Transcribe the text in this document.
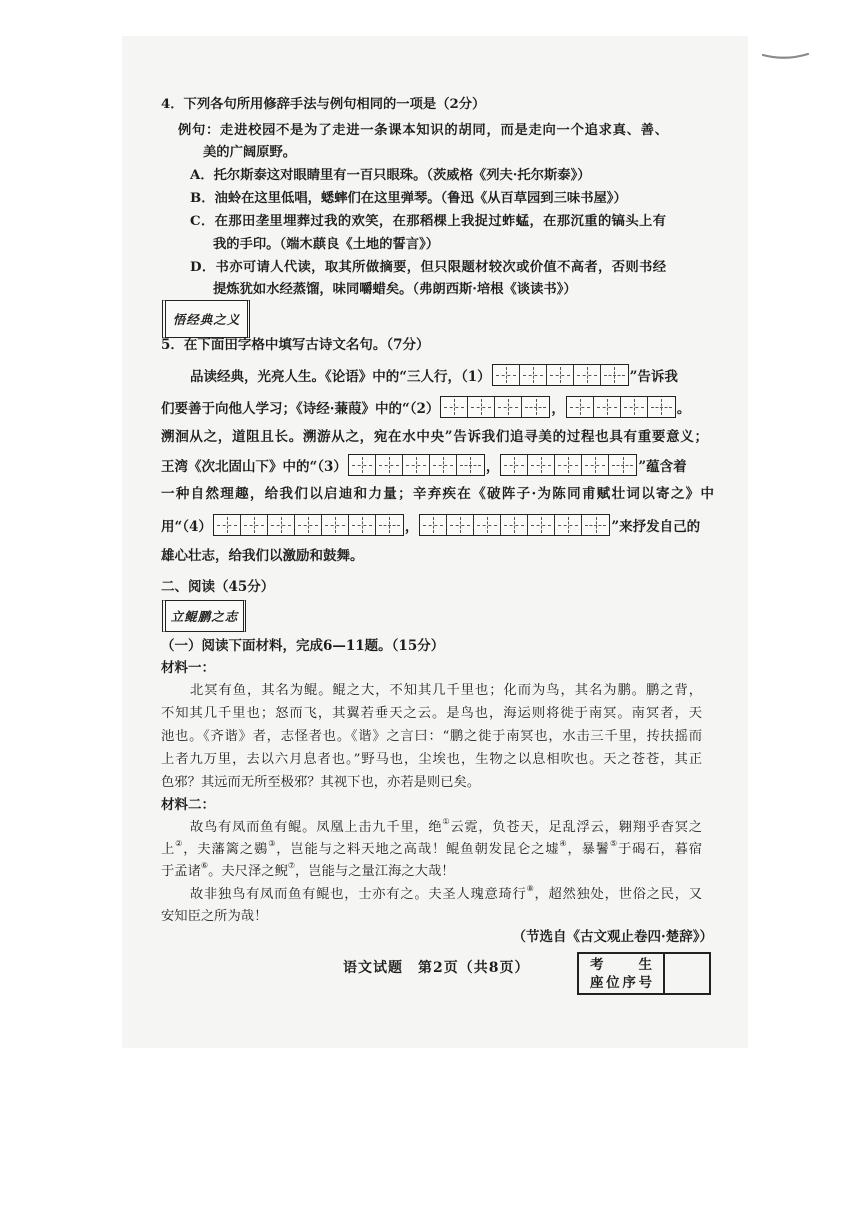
4．下列各句所用修辞手法与例句相同的一项是（2分）
例句：走进校园不是为了走进一条课本知识的胡同，而是走向一个追求真、善、
美的广阔原野。
A．托尔斯泰这对眼睛里有一百只眼珠。（茨威格《列夫·托尔斯泰》）
B．油蛉在这里低唱，蟋蟀们在这里弹琴。（鲁迅《从百草园到三味书屋》）
C．在那田垄里埋葬过我的欢笑，在那稻棵上我捉过蚱蜢，在那沉重的镐头上有
我的手印。（端木蕻良《土地的誓言》）
D．书亦可请人代读，取其所做摘要，但只限题材较次或价值不高者，否则书经
提炼犹如水经蒸馏，味同嚼蜡矣。（弗朗西斯·培根《谈读书》）
悟经典之义
5．在下面田字格中填写古诗文名句。（7分）
品读经典，光亮人生。《论语》中的“三人行，（1）	”告诉我
们要善于向他人学习；《诗经·蒹葭》中的“（2）	，	。
溯洄从之，道阻且长。溯游从之，宛在水中央”告诉我们追寻美的过程也具有重要意义；
王湾《次北固山下》中的“（3）	，	”蕴含着
一种自然理趣，给我们以启迪和力量；辛弃疾在《破阵子·为陈同甫赋壮词以寄之》中
用“（4）	，	”来抒发自己的
雄心壮志，给我们以激励和鼓舞。
二、阅读（45分）
立鲲鹏之志
（一）阅读下面材料，完成6—11题。（15分）
材料一：
北冥有鱼，其名为鲲。鲲之大，不知其几千里也；化而为鸟，其名为鹏。鹏之背，
不知其几千里也；怒而飞，其翼若垂天之云。是鸟也，海运则将徙于南冥。南冥者，天
池也。《齐谐》者，志怪者也。《谐》之言曰：“鹏之徙于南冥也，水击三千里，抟扶摇而
上者九万里，去以六月息者也。”野马也，尘埃也，生物之以息相吹也。天之苍苍，其正
色邪？其远而无所至极邪？其视下也，亦若是则已矣。
材料二：
故鸟有凤而鱼有鲲。凤凰上击九千里，绝①云霓，负苍天，足乱浮云，翱翔乎杳冥之
上②，夫藩篱之鷃③，岂能与之料天地之高哉！鲲鱼朝发昆仑之墟④，暴鬐⑤于碣石，暮宿
于孟诸⑥。夫尺泽之鲵⑦，岂能与之量江海之大哉！
故非独鸟有凤而鱼有鲲也，士亦有之。夫圣人瑰意琦行⑧，超然独处，世俗之民，又
安知臣之所为哉！
（节选自《古文观止卷四·楚辞》）
语文试题　第2页（共8页）	考　生
座位序号
